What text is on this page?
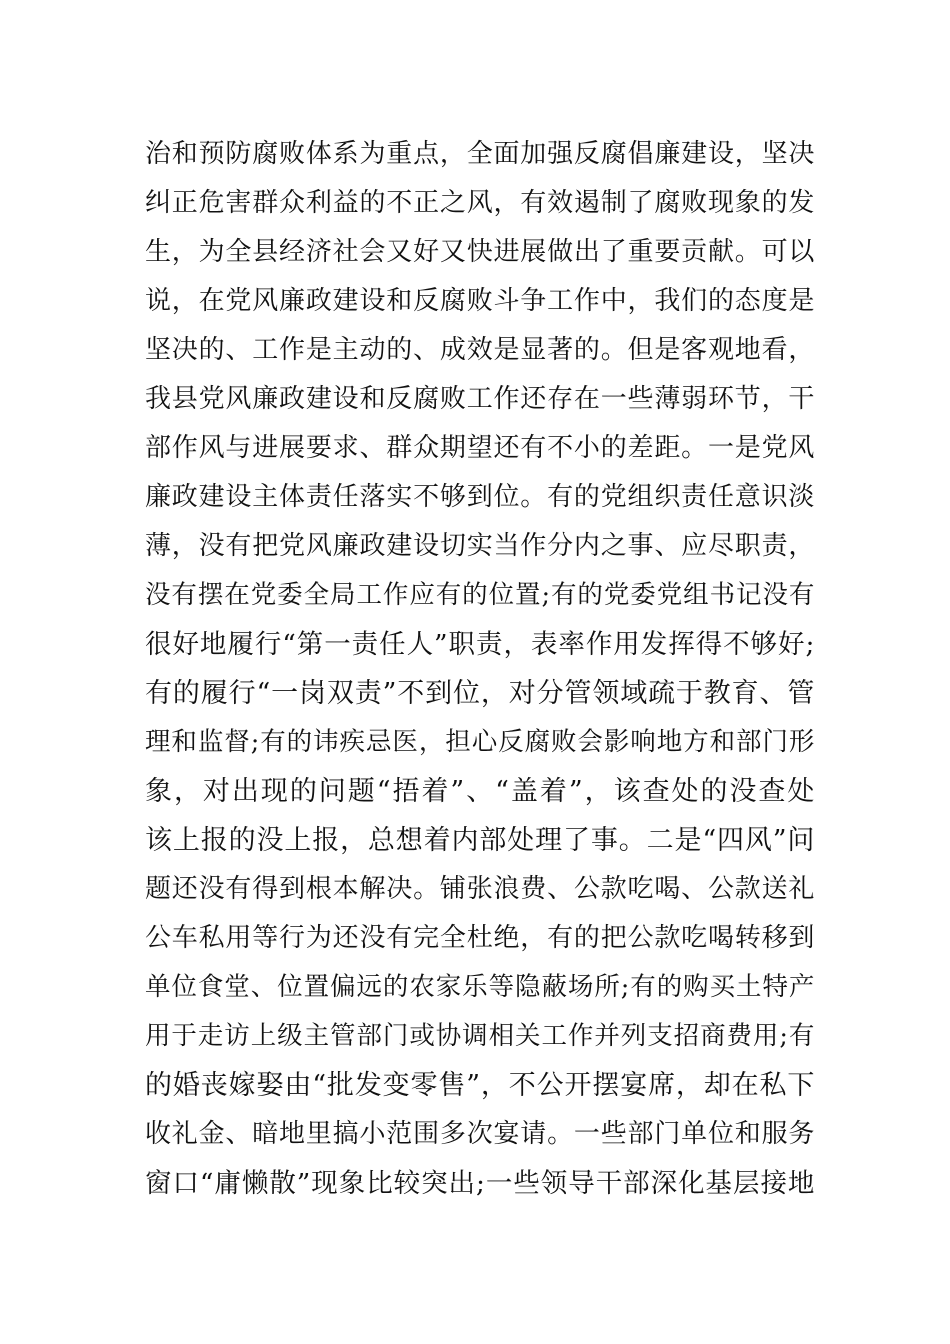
治和预防腐败体系为重点，全面加强反腐倡廉建设，坚决
纠正危害群众利益的不正之风，有效遏制了腐败现象的发
生，为全县经济社会又好又快进展做出了重要贡献。可以
说，在党风廉政建设和反腐败斗争工作中，我们的态度是
坚决的、工作是主动的、成效是显著的。但是客观地看，
我县党风廉政建设和反腐败工作还存在一些薄弱环节，干
部作风与进展要求、群众期望还有不小的差距。一是党风
廉政建设主体责任落实不够到位。有的党组织责任意识淡
薄，没有把党风廉政建设切实当作分内之事、应尽职责，
没有摆在党委全局工作应有的位置;有的党委党组书记没有
很好地履行“第一责任人”职责，表率作用发挥得不够好;
有的履行“一岗双责”不到位，对分管领域疏于教育、管
理和监督;有的讳疾忌医，担心反腐败会影响地方和部门形
象，对出现的问题“捂着”、“盖着”，该查处的没查处
该上报的没上报，总想着内部处理了事。二是“四风”问
题还没有得到根本解决。铺张浪费、公款吃喝、公款送礼
公车私用等行为还没有完全杜绝，有的把公款吃喝转移到
单位食堂、位置偏远的农家乐等隐蔽场所;有的购买土特产
用于走访上级主管部门或协调相关工作并列支招商费用;有
的婚丧嫁娶由“批发变零售”，不公开摆宴席，却在私下
收礼金、暗地里搞小范围多次宴请。一些部门单位和服务
窗口“庸懒散”现象比较突出;一些领导干部深化基层接地
